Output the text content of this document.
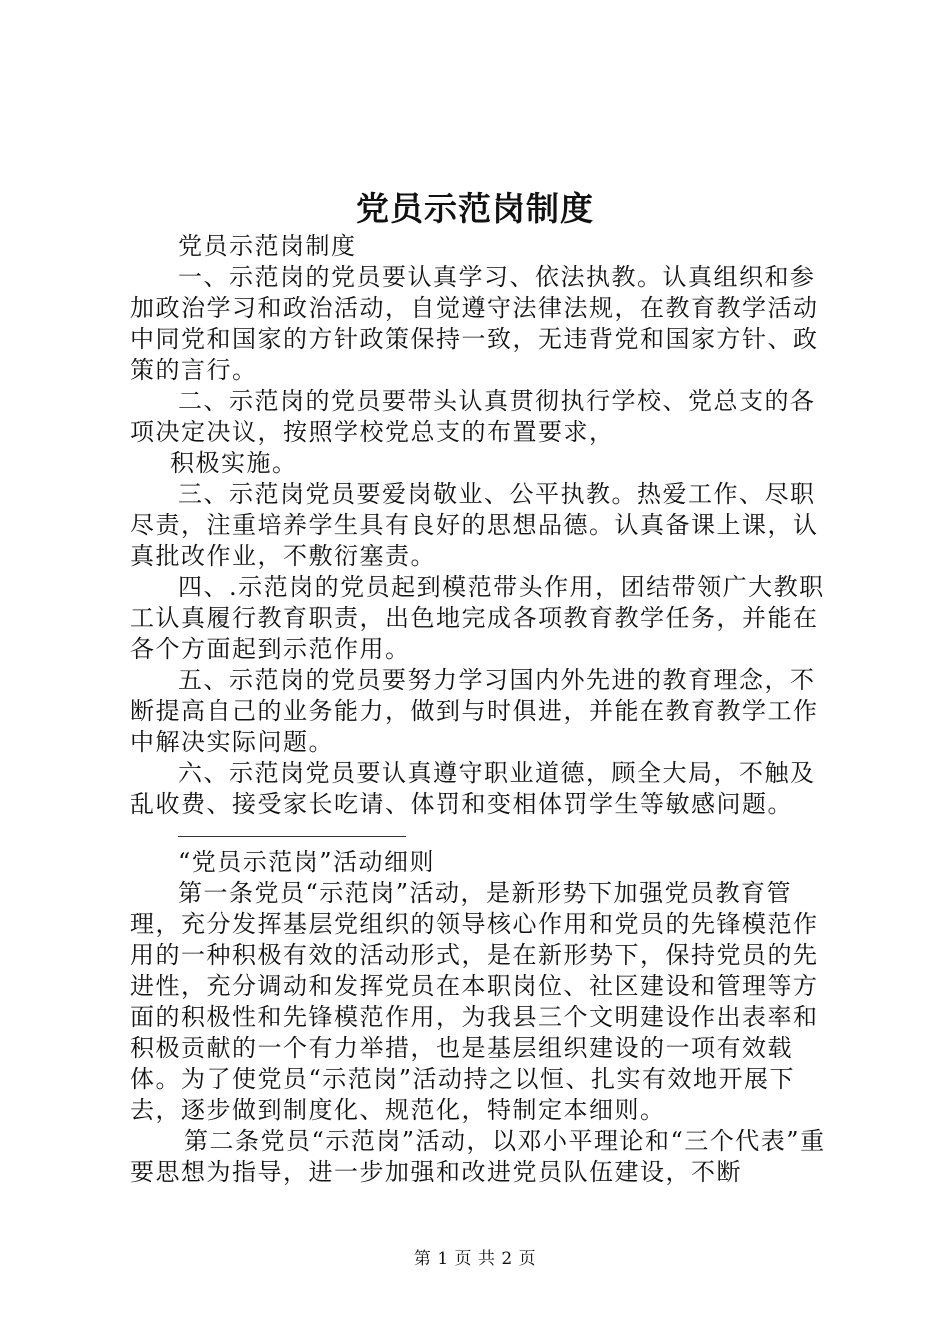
党员示范岗制度

党员示范岗制度

一、示范岗的党员要认真学习、依法执教。认真组织和参加政治学习和政治活动，自觉遵守法律法规，在教育教学活动中同党和国家的方针政策保持一致，无违背党和国家方针、政策的言行。

二、示范岗的党员要带头认真贯彻执行学校、党总支的各项决定决议，按照学校党总支的布置要求，

积极实施。

三、示范岗党员要爱岗敬业、公平执教。热爱工作、尽职尽责，注重培养学生具有良好的思想品德。认真备课上课，认真批改作业，不敷衍塞责。

四、.示范岗的党员起到模范带头作用，团结带领广大教职工认真履行教育职责，出色地完成各项教育教学任务，并能在各个方面起到示范作用。

五、示范岗的党员要努力学习国内外先进的教育理念，不断提高自己的业务能力，做到与时俱进，并能在教育教学工作中解决实际问题。

六、示范岗党员要认真遵守职业道德，顾全大局，不触及乱收费、接受家长吃请、体罚和变相体罚学生等敏感问题。

“党员示范岗”活动细则

第一条党员“示范岗”活动，是新形势下加强党员教育管理，充分发挥基层党组织的领导核心作用和党员的先锋模范作用的一种积极有效的活动形式，是在新形势下，保持党员的先进性，充分调动和发挥党员在本职岗位、社区建设和管理等方面的积极性和先锋模范作用，为我县三个文明建设作出表率和积极贡献的一个有力举措，也是基层组织建设的一项有效载体。为了使党员“示范岗”活动持之以恒、扎实有效地开展下去，逐步做到制度化、规范化，特制定本细则。

第二条党员“示范岗”活动，以邓小平理论和“三个代表”重要思想为指导，进一步加强和改进党员队伍建设，不断

第 1 页 共 2 页
